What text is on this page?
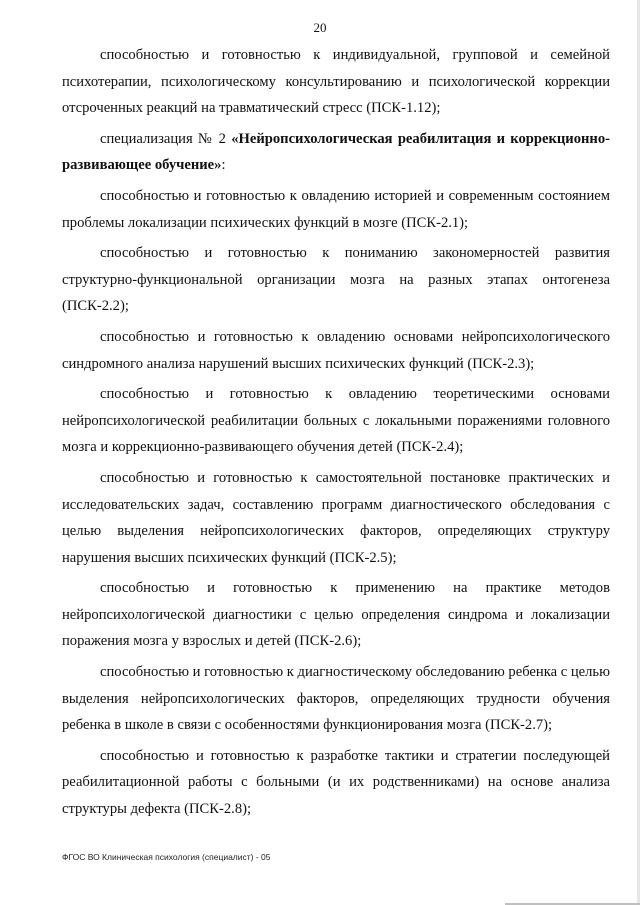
20

способностью и готовностью к индивидуальной, групповой и семейной психотерапии, психологическому консультированию и психологической коррекции отсроченных реакций на травматический стресс (ПСК-1.12);

специализация № 2 «Нейропсихологическая реабилитация и коррекционно-развивающее обучение»:

способностью и готовностью к овладению историей и современным состоянием проблемы локализации психических функций в мозге (ПСК-2.1);

способностью и готовностью к пониманию закономерностей развития структурно-функциональной организации мозга на разных этапах онтогенеза (ПСК-2.2);

способностью и готовностью к овладению основами нейропсихологического синдромного анализа нарушений высших психических функций (ПСК-2.3);

способностью и готовностью к овладению теоретическими основами нейропсихологической реабилитации больных с локальными поражениями головного мозга и коррекционно-развивающего обучения детей (ПСК-2.4);

способностью и готовностью к самостоятельной постановке практических и исследовательских задач, составлению программ диагностического обследования с целью выделения нейропсихологических факторов, определяющих структуру нарушения высших психических функций (ПСК-2.5);

способностью и готовностью к применению на практике методов нейропсихологической диагностики с целью определения синдрома и локализации поражения мозга у взрослых и детей (ПСК-2.6);

способностью и готовностью к диагностическому обследованию ребенка с целью выделения нейропсихологических факторов, определяющих трудности обучения ребенка в школе в связи с особенностями функционирования мозга (ПСК-2.7);

способностью и готовностью к разработке тактики и стратегии последующей реабилитационной работы с больными (и их родственниками) на основе анализа структуры дефекта (ПСК-2.8);

ФГОС ВО Клиническая психология (специалист) - 05
